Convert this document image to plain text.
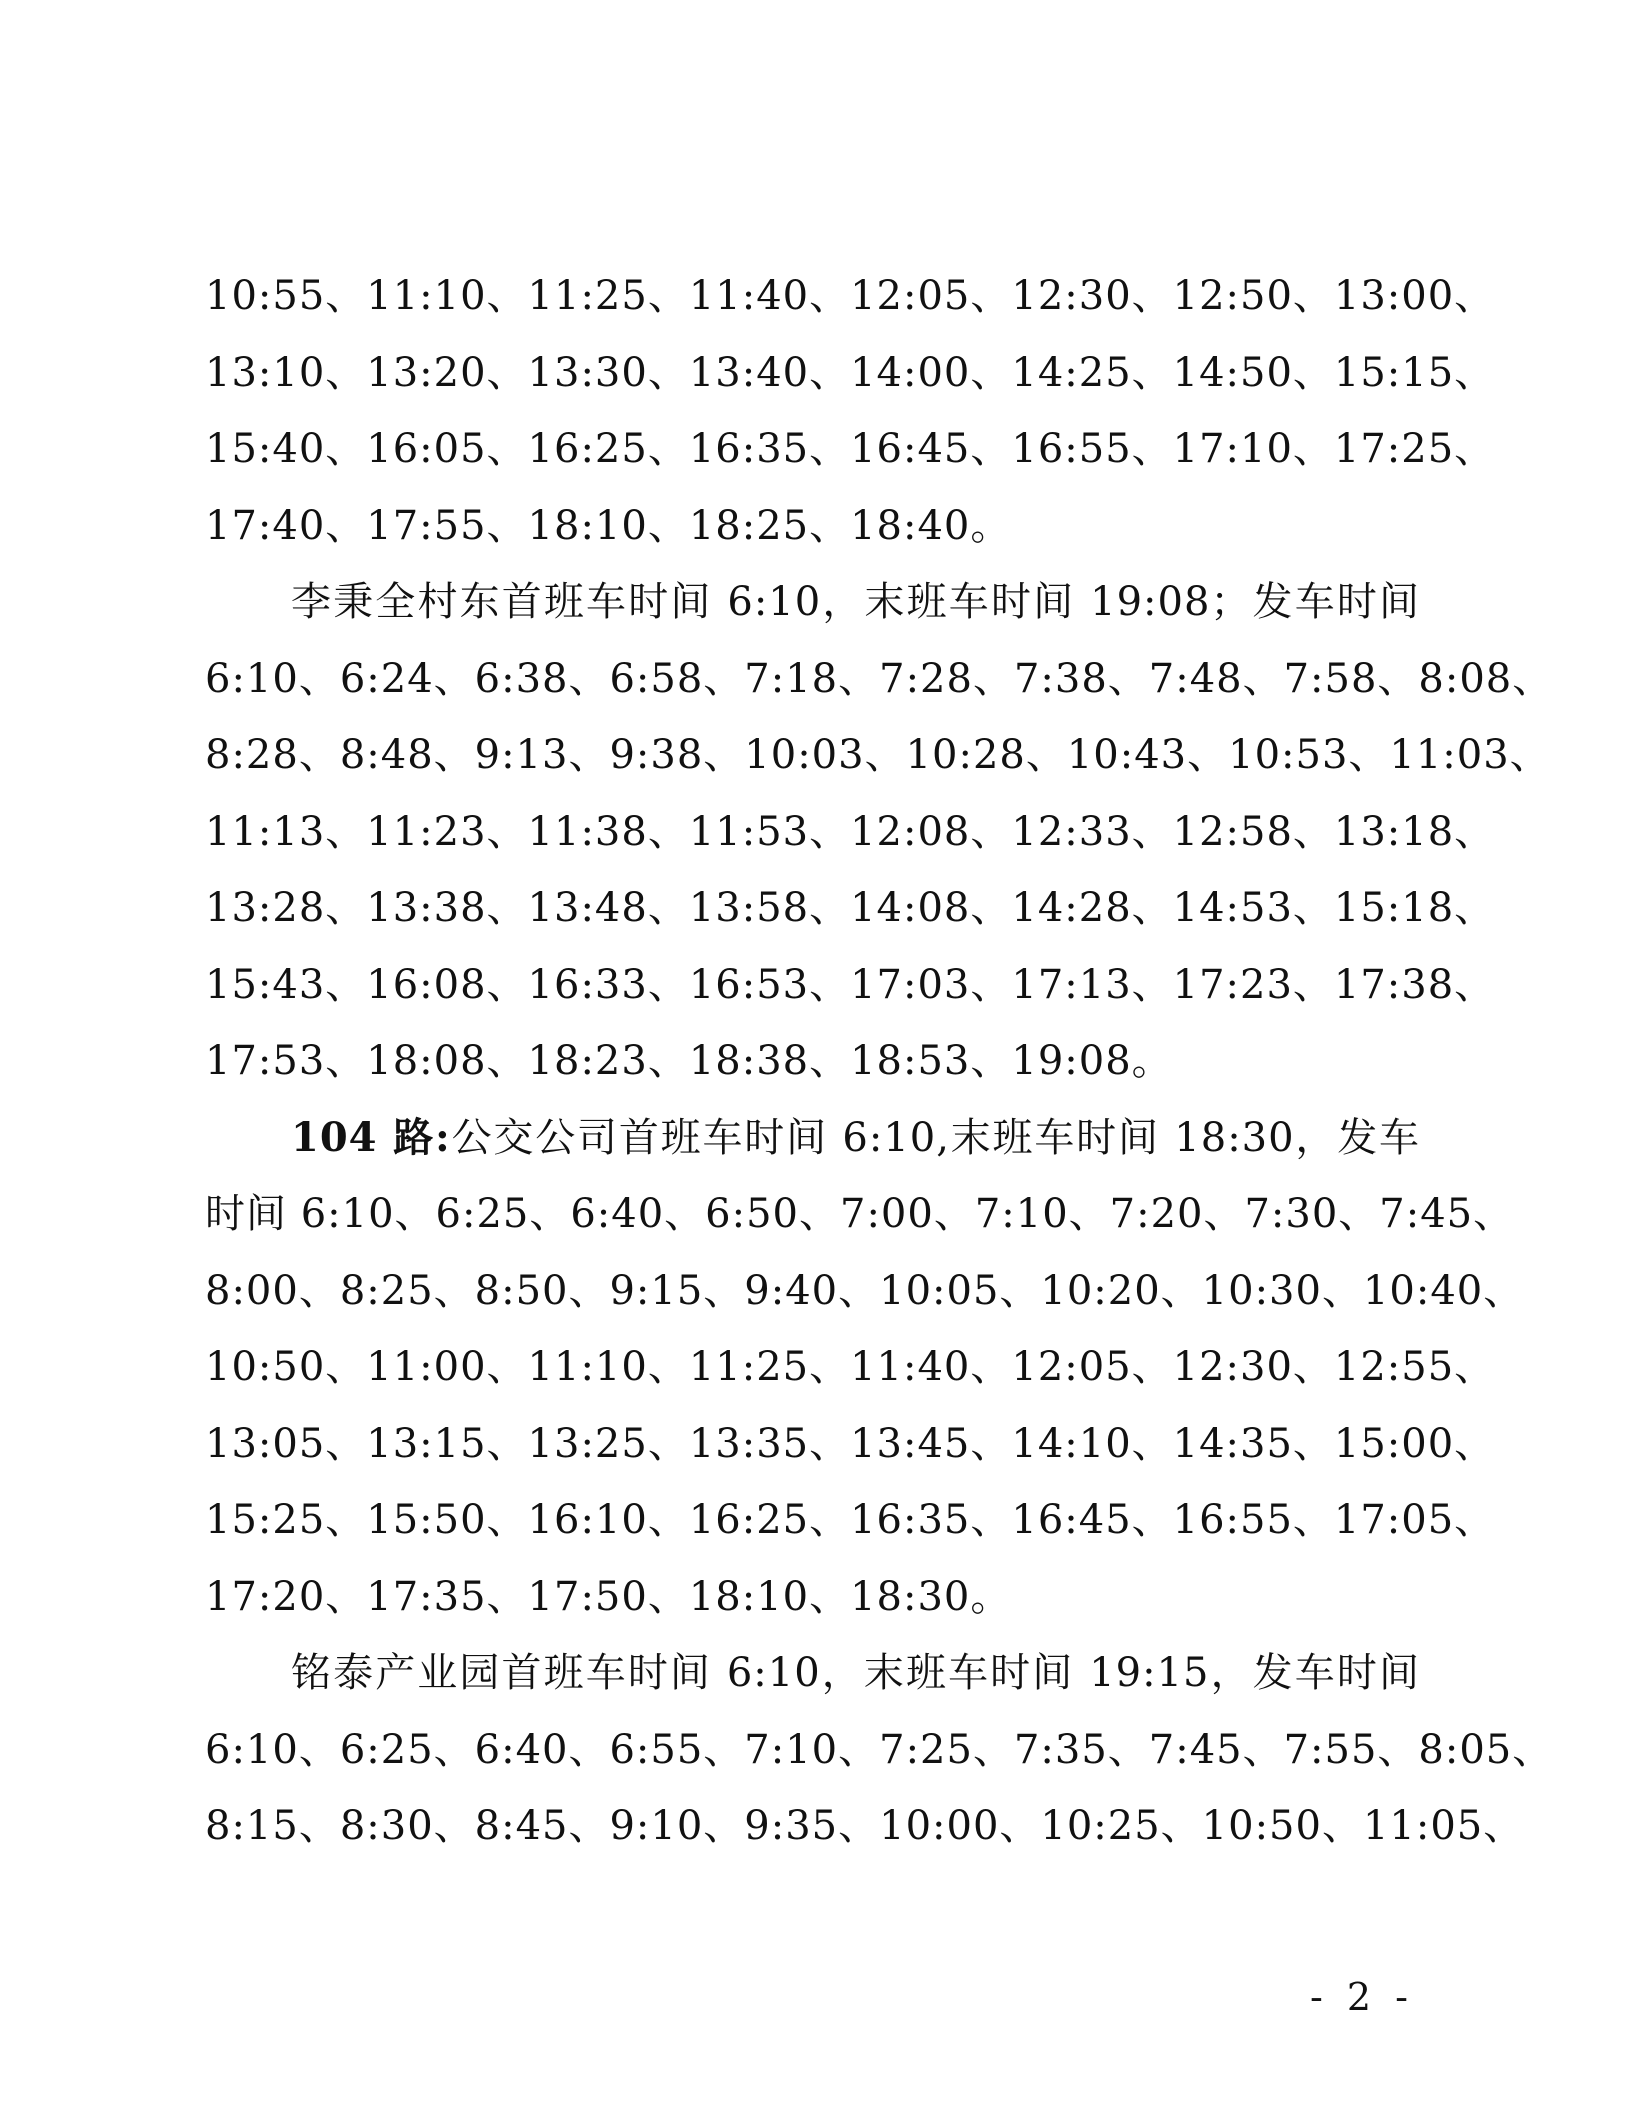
10:55、11:10、11:25、11:40、12:05、12:30、12:50、13:00、
13:10、13:20、13:30、13:40、14:00、14:25、14:50、15:15、
15:40、16:05、16:25、16:35、16:45、16:55、17:10、17:25、
17:40、17:55、18:10、18:25、18:40。
李秉全村东首班车时间 6:10，末班车时间 19:08；发车时间
6:10、6:24、6:38、6:58、7:18、7:28、7:38、7:48、7:58、8:08、
8:28、8:48、9:13、9:38、10:03、10:28、10:43、10:53、11:03、
11:13、11:23、11:38、11:53、12:08、12:33、12:58、13:18、
13:28、13:38、13:48、13:58、14:08、14:28、14:53、15:18、
15:43、16:08、16:33、16:53、17:03、17:13、17:23、17:38、
17:53、18:08、18:23、18:38、18:53、19:08。
104 路:公交公司首班车时间 6:10,末班车时间 18:30，发车
时间 6:10、6:25、6:40、6:50、7:00、7:10、7:20、7:30、7:45、
8:00、8:25、8:50、9:15、9:40、10:05、10:20、10:30、10:40、
10:50、11:00、11:10、11:25、11:40、12:05、12:30、12:55、
13:05、13:15、13:25、13:35、13:45、14:10、14:35、15:00、
15:25、15:50、16:10、16:25、16:35、16:45、16:55、17:05、
17:20、17:35、17:50、18:10、18:30。
铭泰产业园首班车时间 6:10，末班车时间 19:15，发车时间
6:10、6:25、6:40、6:55、7:10、7:25、7:35、7:45、7:55、8:05、
8:15、8:30、8:45、9:10、9:35、10:00、10:25、10:50、11:05、
- 2 -
